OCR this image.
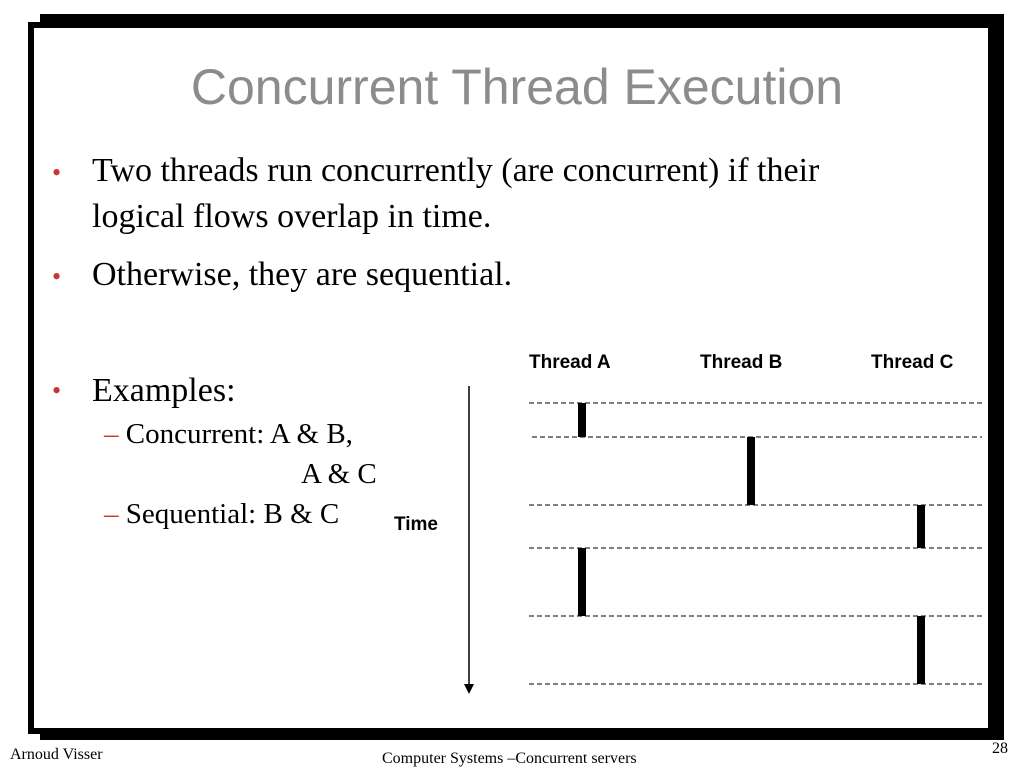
Concurrent Thread Execution
• Two threads run concurrently (are concurrent) if their
logical flows overlap in time.
• Otherwise, they are sequential.
• Examples:
– Concurrent: A & B,
A & C
– Sequential: B & C	Time
Thread A	Thread B	Thread C
Arnoud Visser	Computer Systems –Concurrent servers
28
